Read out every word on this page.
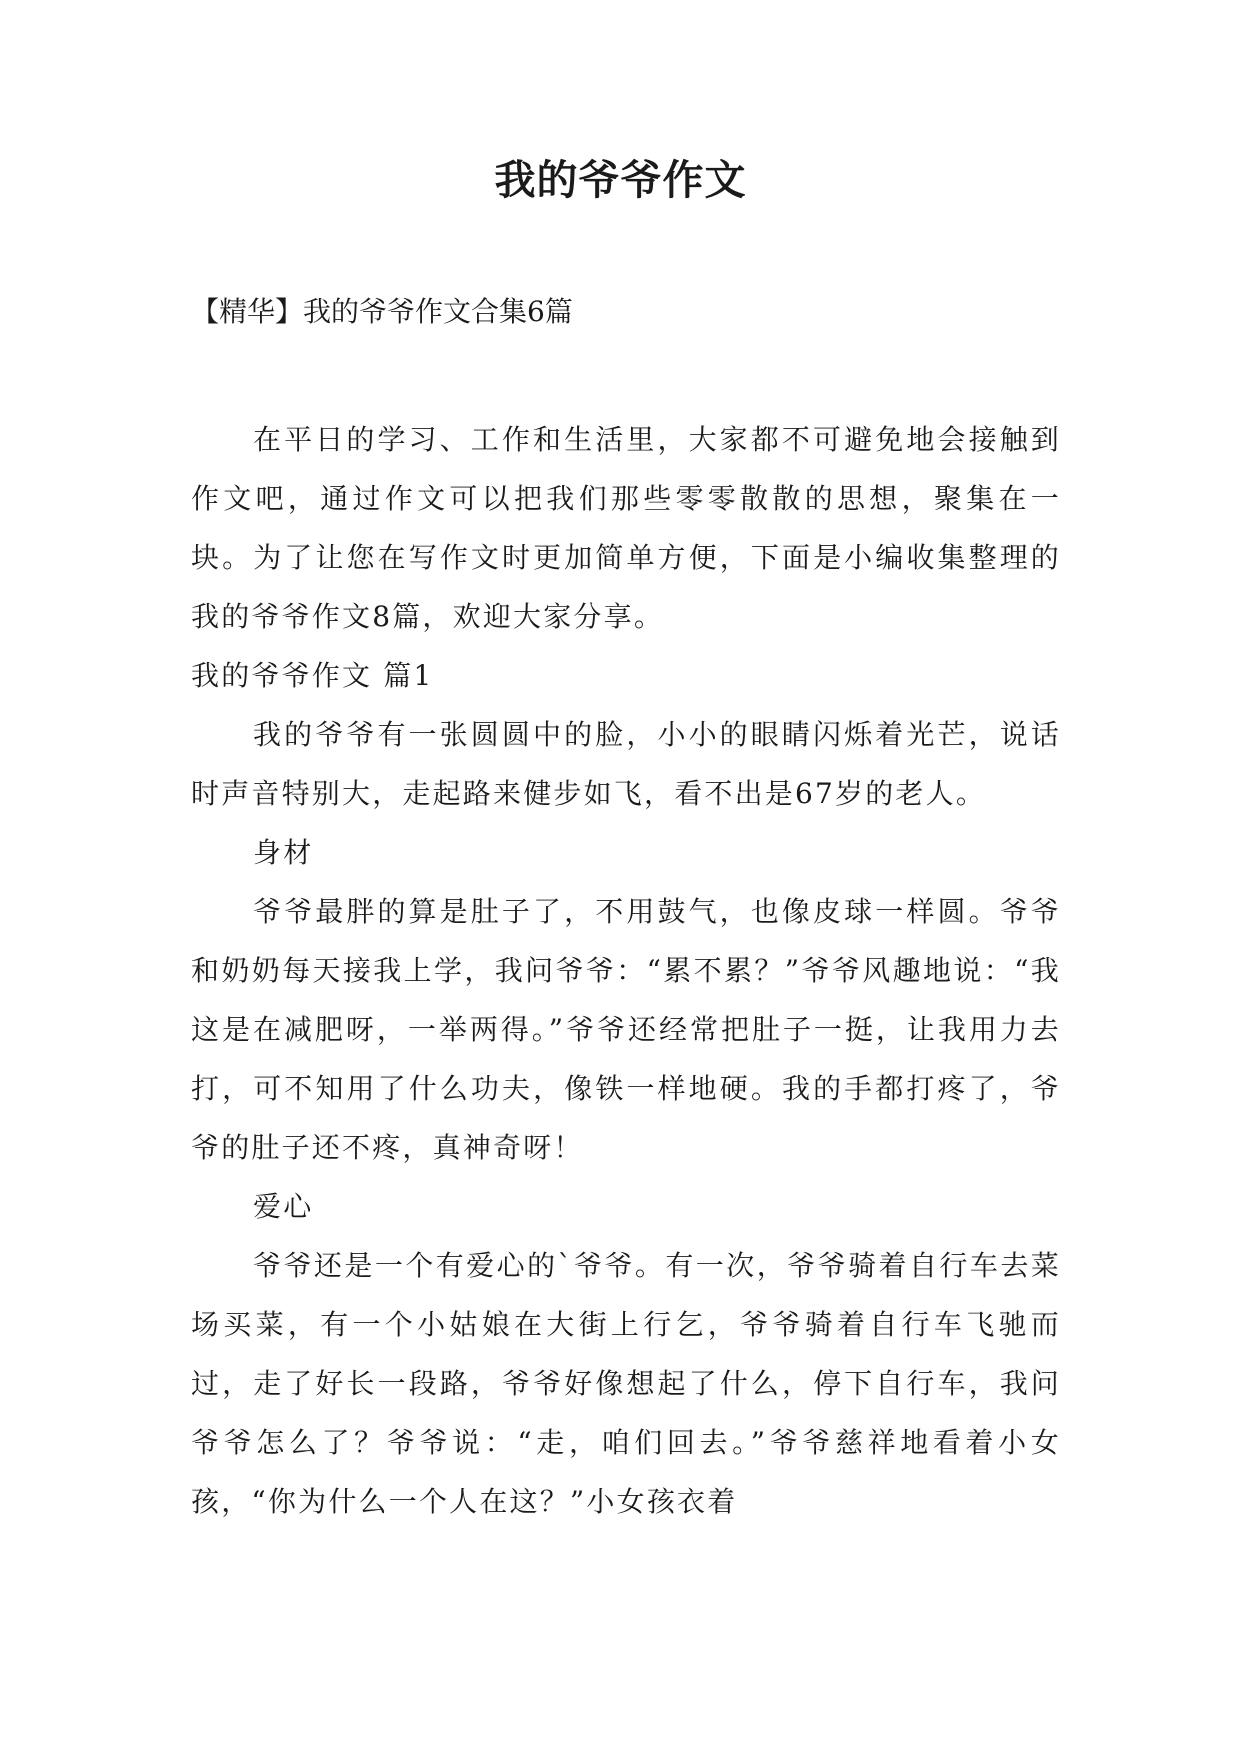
我的爷爷作文

【精华】我的爷爷作文合集6篇

在平日的学习、工作和生活里，大家都不可避免地会接触到作文吧，通过作文可以把我们那些零零散散的思想，聚集在一块。为了让您在写作文时更加简单方便，下面是小编收集整理的我的爷爷作文8篇，欢迎大家分享。

我的爷爷作文 篇1

我的爷爷有一张圆圆中的脸，小小的眼睛闪烁着光芒，说话时声音特别大，走起路来健步如飞，看不出是67岁的老人。

身材

爷爷最胖的算是肚子了，不用鼓气，也像皮球一样圆。爷爷和奶奶每天接我上学，我问爷爷：“累不累？”爷爷风趣地说：“我这是在减肥呀，一举两得。”爷爷还经常把肚子一挺，让我用力去打，可不知用了什么功夫，像铁一样地硬。我的手都打疼了，爷爷的肚子还不疼，真神奇呀！

爱心

爷爷还是一个有爱心的`爷爷。有一次，爷爷骑着自行车去菜场买菜，有一个小姑娘在大街上行乞，爷爷骑着自行车飞驰而过，走了好长一段路，爷爷好像想起了什么，停下自行车，我问爷爷怎么了？爷爷说：“走，咱们回去。”爷爷慈祥地看着小女孩，“你为什么一个人在这？”小女孩衣着
